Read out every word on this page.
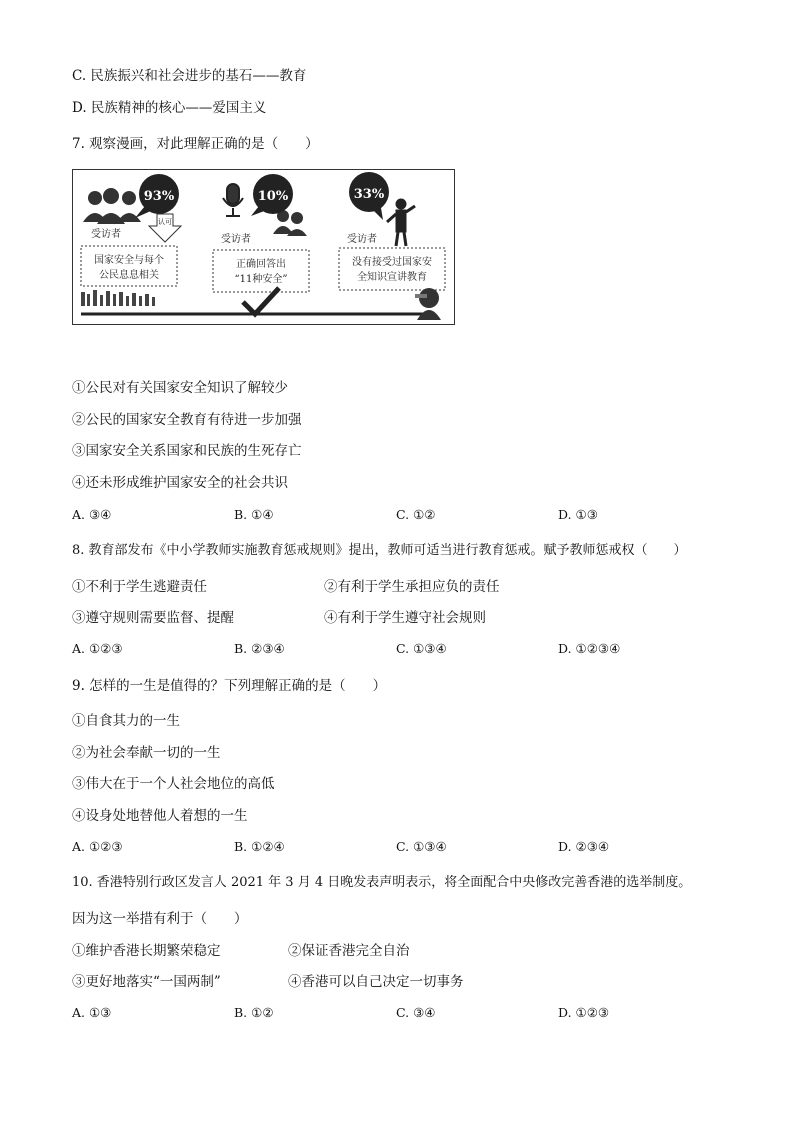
C. 民族振兴和社会进步的基石——教育
D. 民族精神的核心——爱国主义
7. 观察漫画，对此理解正确的是（　　）
93%
认可
受访者
国家安全与每个
公民息息相关
10%
受访者
正确回答出
“11种安全”
33%
受访者
没有接受过国家安
全知识宣讲教育
①公民对有关国家安全知识了解较少
②公民的国家安全教育有待进一步加强
③国家安全关系国家和民族的生死存亡
④还未形成维护国家安全的社会共识
A. ③④	B. ①④	C. ①②	D. ①③
8. 教育部发布《中小学教师实施教育惩戒规则》提出，教师可适当进行教育惩戒。赋予教师惩戒权（　　）
①不利于学生逃避责任	②有利于学生承担应负的责任
③遵守规则需要监督、提醒	④有利于学生遵守社会规则
A. ①②③	B. ②③④	C. ①③④	D. ①②③④
9. 怎样的一生是值得的？下列理解正确的是（　　）
①自食其力的一生
②为社会奉献一切的一生
③伟大在于一个人社会地位的高低
④设身处地替他人着想的一生
A. ①②③	B. ①②④	C. ①③④	D. ②③④
10. 香港特别行政区发言人 2021 年 3 月 4 日晚发表声明表示，将全面配合中央修改完善香港的选举制度。
因为这一举措有利于（　　）
①维护香港长期繁荣稳定	②保证香港完全自治
③更好地落实“一国两制”	④香港可以自己决定一切事务
A. ①③	B. ①②	C. ③④	D. ①②③
